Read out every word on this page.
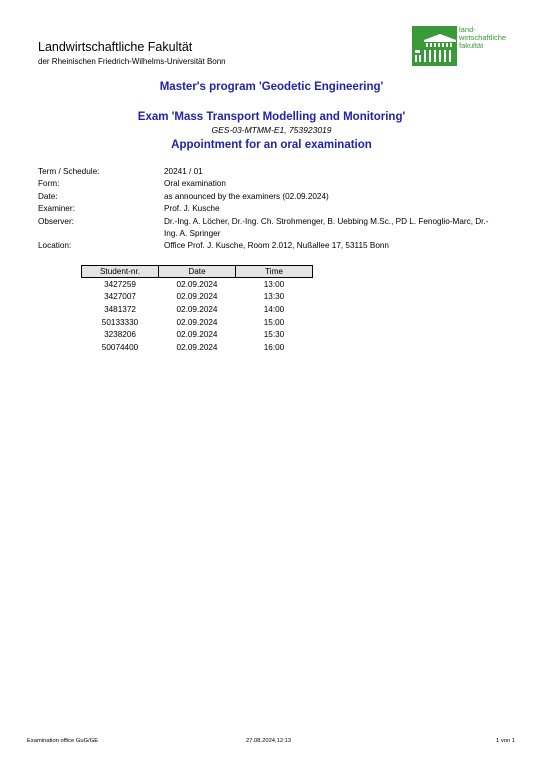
Landwirtschaftliche Fakultät
der Rheinischen Friedrich-Wilhelms-Universität Bonn
land-
wirtschaftliche
fakultät
Master's program 'Geodetic Engineering'
Exam 'Mass Transport Modelling and Monitoring'
GES-03-MTMM-E1, 753923019
Appointment for an oral examination
Term / Schedule:	20241 / 01
Form:	Oral examination
Date:	as announced by the examiners (02.09.2024)
Examiner:	Prof. J. Kusche
Observer:	Dr.-Ing. A. Löcher, Dr.-Ing. Ch. Strohmenger, B. Uebbing M.Sc., PD L. Fenoglio-Marc, Dr.-
Ing. A. Springer
Location:	Office Prof. J. Kusche, Room 2.012, Nußallee 17, 53115 Bonn
Student-nr.	Date	Time
3427259	02.09.2024	13:00
3427007	02.09.2024	13:30
3481372	02.09.2024	14:00
50133330	02.09.2024	15:00
3238206	02.09.2024	15:30
50074400	02.09.2024	16:00
Examination office GuG/GE	27.08.2024,12:13	1 von 1
